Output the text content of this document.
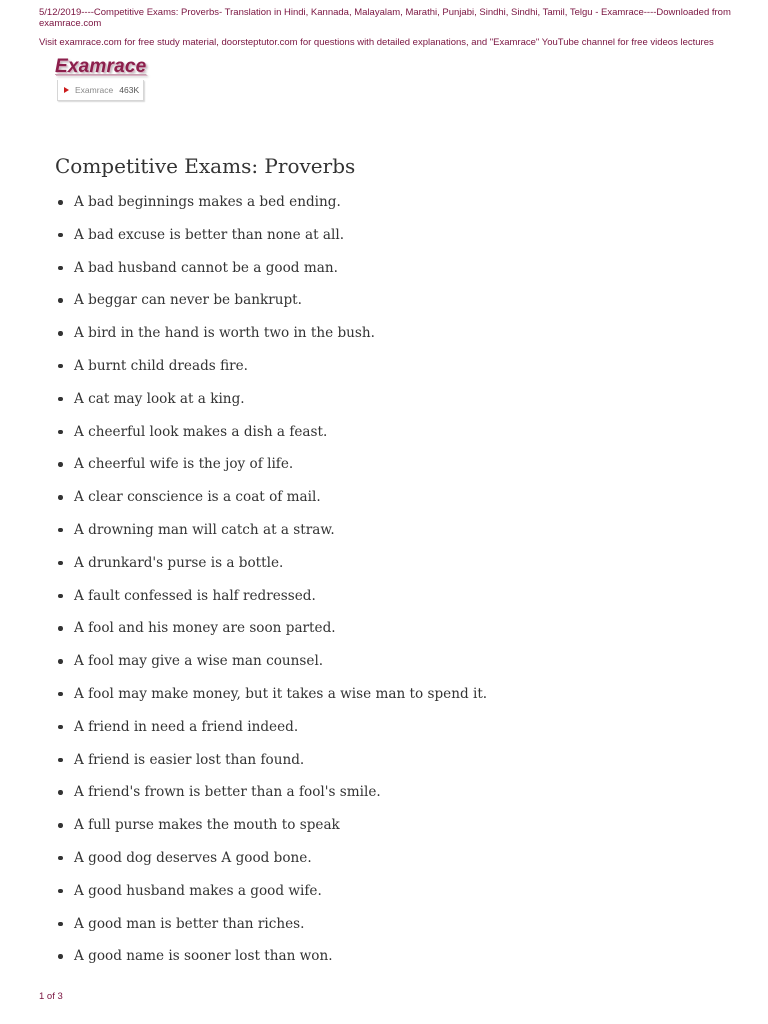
5/12/2019----Competitive Exams: Proverbs- Translation in Hindi, Kannada, Malayalam, Marathi, Punjabi, Sindhi, Sindhi, Tamil, Telgu - Examrace----Downloaded from examrace.com
Visit examrace.com for free study material, doorsteptutor.com for questions with detailed explanations, and "Examrace" YouTube channel for free videos lectures
Examrace
Examrace 463K
Competitive Exams: Proverbs
A bad beginnings makes a bed ending.
A bad excuse is better than none at all.
A bad husband cannot be a good man.
A beggar can never be bankrupt.
A bird in the hand is worth two in the bush.
A burnt child dreads fire.
A cat may look at a king.
A cheerful look makes a dish a feast.
A cheerful wife is the joy of life.
A clear conscience is a coat of mail.
A drowning man will catch at a straw.
A drunkard's purse is a bottle.
A fault confessed is half redressed.
A fool and his money are soon parted.
A fool may give a wise man counsel.
A fool may make money, but it takes a wise man to spend it.
A friend in need a friend indeed.
A friend is easier lost than found.
A friend's frown is better than a fool's smile.
A full purse makes the mouth to speak
A good dog deserves A good bone.
A good husband makes a good wife.
A good man is better than riches.
A good name is sooner lost than won.
1 of 3
